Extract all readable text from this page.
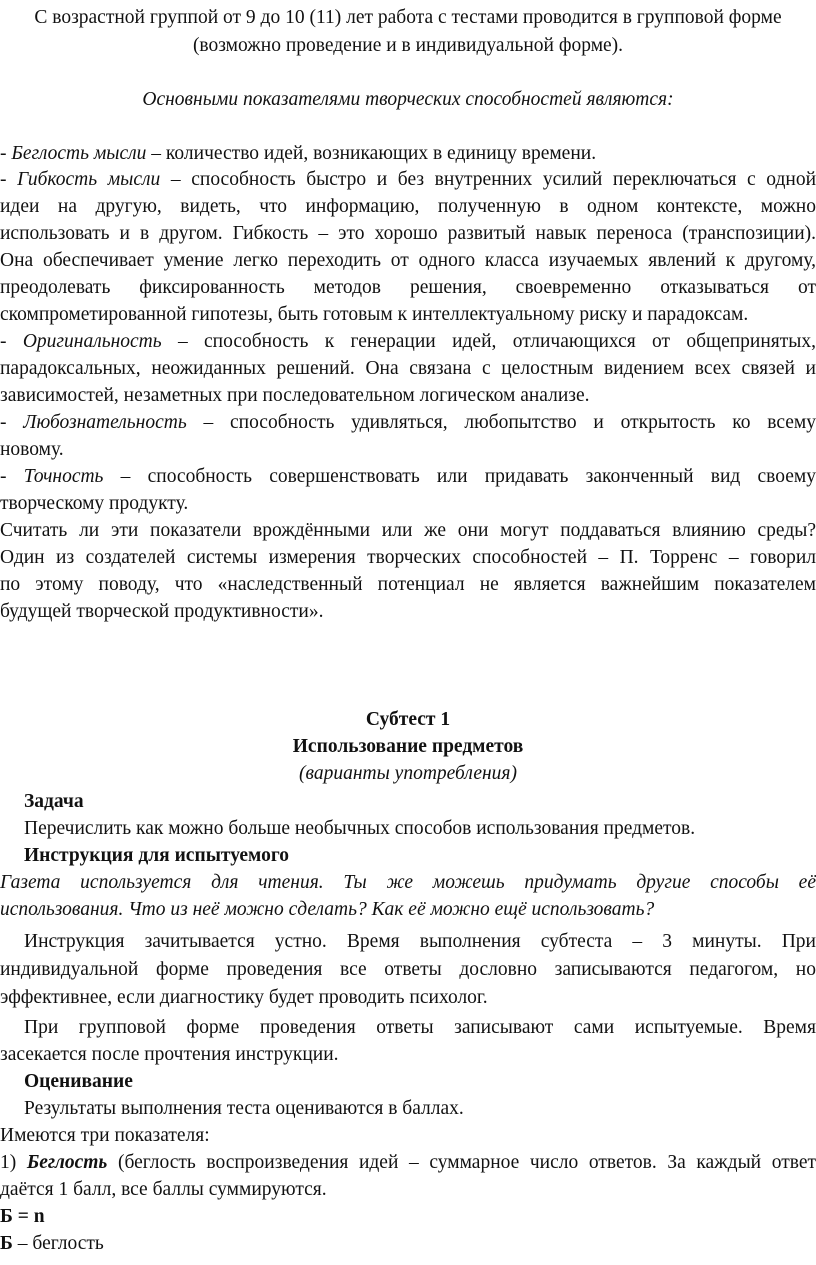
С возрастной группой от 9 до 10 (11) лет работа с тестами проводится в групповой форме
(возможно проведение и в индивидуальной форме).
Основными показателями творческих способностей являются:
- Беглость мысли – количество идей, возникающих в единицу времени.
- Гибкость мысли – способность быстро и без внутренних усилий переключаться с одной
идеи на другую, видеть, что информацию, полученную в одном контексте, можно
использовать и в другом. Гибкость – это хорошо развитый навык переноса (транспозиции).
Она обеспечивает умение легко переходить от одного класса изучаемых явлений к другому,
преодолевать фиксированность методов решения, своевременно отказываться от
скомпрометированной гипотезы, быть готовым к интеллектуальному риску и парадоксам.
- Оригинальность – способность к генерации идей, отличающихся от общепринятых,
парадоксальных, неожиданных решений. Она связана с целостным видением всех связей и
зависимостей, незаметных при последовательном логическом анализе.
- Любознательность – способность удивляться, любопытство и открытость ко всему
новому.
- Точность – способность совершенствовать или придавать законченный вид своему
творческому продукту.
Считать ли эти показатели врождёнными или же они могут поддаваться влиянию среды?
Один из создателей системы измерения творческих способностей – П. Торренс – говорил
по этому поводу, что «наследственный потенциал не является важнейшим показателем
будущей творческой продуктивности».
Субтест 1
Использование предметов
(варианты употребления)
Задача
Перечислить как можно больше необычных способов использования предметов.
Инструкция для испытуемого
Газета используется для чтения. Ты же можешь придумать другие способы её
использования. Что из неё можно сделать? Как её можно ещё использовать?
Инструкция зачитывается устно. Время выполнения субтеста – 3 минуты. При
индивидуальной форме проведения все ответы дословно записываются педагогом, но
эффективнее, если диагностику будет проводить психолог.
При групповой форме проведения ответы записывают сами испытуемые. Время
засекается после прочтения инструкции.
Оценивание
Результаты выполнения теста оцениваются в баллах.
Имеются три показателя:
1) Беглость (беглость воспроизведения идей – суммарное число ответов. За каждый ответ
даётся 1 балл, все баллы суммируются.
Б = n
Б – беглость
